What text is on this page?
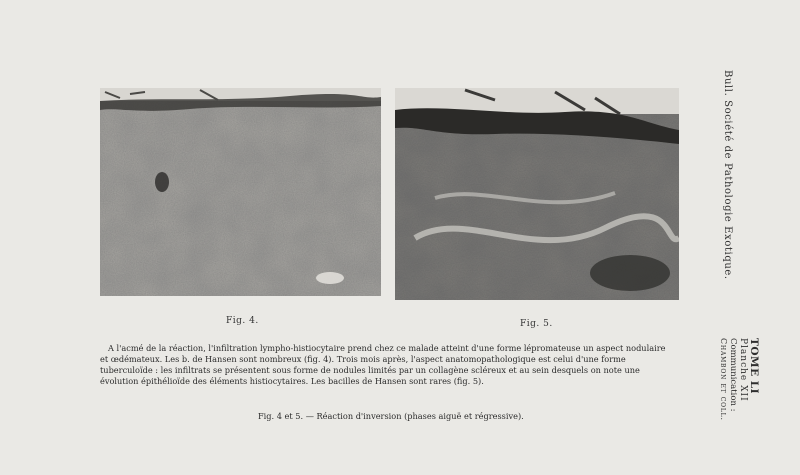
Fig. 4.	Fig. 5.
A l'acmé de la réaction, l'infiltration lympho-histiocytaire prend chez ce malade atteint d'une forme lépromateuse un aspect nodulaire
et œdémateux. Les b. de Hansen sont nombreux (fig. 4). Trois mois après, l'aspect anatomopathologique est celui d'une forme
tuberculoïde : les infiltrats se présentent sous forme de nodules limités par un collagène scléreux et au sein desquels on note une
évolution épithélioïde des éléments histiocytaires. Les bacilles de Hansen sont rares (fig. 5).
Fig. 4 et 5. — Réaction d'inversion (phases aiguë et régressive).
Bull. Société de Pathologie Exotique.
TOME LI
Planche XII
Communication :
Chambon et coll.
